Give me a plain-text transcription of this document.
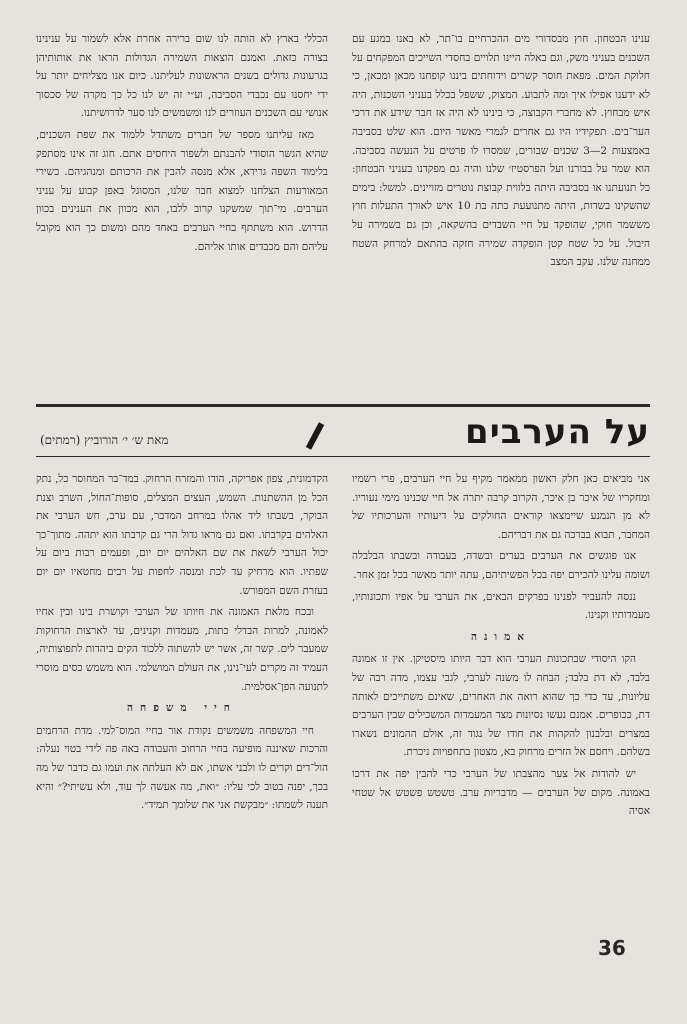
ענינו הבטחון. חוץ מבסדורי מים ההכרחיים בו־תר, לא באנו במגע עם השכנים בעניני משק, וגם באלה היינו תלויים בחסדי השייכים המפקחים על חלוקת המים. מפאת חוסר קשרים וידוחתים ביננו קופחנו מכאן ומכאן, כי לא ידענו אפילו איך ומה לתבוע. המצוק, ששפל בכלל בעניני השכנות, היה איש מבחוץ. לא מחברי הקבוצה, כי בינינו לא היה אז חבר שידע את דרכי הער־בים. תפקידיו היו גם אחרים לגמרי מאשר היום. הוא שלט בסביבה באמצעות 2—3 שכנים שבורים, שמסרו לו פרטים על הנעשה בסביבה. הוא שמר על בבורנו ועל הפרסטיז׳ שלנו והיה גם מפקדנו בעניני הבטחון: כל תנועתנו או בסביבה היתה בלווית קבוצת נוטרים מזויינים. למשל: בימים שהשקינו בשדות, היתה מתנועעת כתה בת 10 איש לאורך התעלות חוץ מששמר חוקי, שהופקד על חיי השבדים בהשקאה, וכן גם בשמירה על היבול. על כל שטח קטן הופקדה שמירה חזקה בהתאם למרחק השטח ממחנה שלנו. עקב המצב

הכללי בארץ לא הותה לנו שום ברירה אחרת אלא לשמור על ענינינו בצורה כזאת. ואמנם הוצאות השמירה הגדולות הראו את אותותיהן בגרעונות גדולים בשנים הראשונות לעליתנו. כיום אנו מצליחים יותר על ידי יחסנו עם נכבדי הסביבה, וע״י זה יש לנו כל כך מקרה של סכסוך אנושי עם השכנים העוזרים לנו ומשמשים לנו סער לדרושיתנו.

מאז עליתנו מספר של חברים משתדל ללמוד את שפת השכנים, שהיא הגשר הוסודי להבנתם ולשפור היחסים אתם. חוג זה אינו מסתפק בלימוד השפה גרידא, אלא מנסה להבין את הרכותם ומנהגיהם. כשירי המאורעות הצלחנו למצוא חבר שלנו, המסוגל באפן קבוע על עניני הערבים. מי־תוך שמשקנו קרוב ללבו, הוא מכוון את הענינים בכוון הדרוש. הוא משתתף בחיי הערבים באחד מהם ומשום כך הוא מקובל עליהם והם מכבדים אותו אליהם.

על הערבים
מאת ש׳ י׳ הורוביץ (רמתים)

אני מביאים כאן חלק ראשון ממאמר מקיף על חיי הערבים, פרי רשמיו ומחקריו של איכר בן איכר, הקרוב קרבה יתרה אל חיי שכנינו מימי נעוריו. לא מן הנמנע שיימצאו קוראים החולקים על דיעותיו והערכותיו של המחבר, תבוא בברכה גם את דבריהם.

אנו פוגשים את הערבים בערים ובשדה, בעבודה ובשבתו הבלבלה ושומה עלינו להכירם יפה בכל הפשיתיהם, עתה יותר מאשר בכל זמן אחר.

ננסה להעביר לפנינו בפרקים הבאים, את הערבי על אפיו ותכונותיו, מעמדותיו וקנינו.

אמונה

הקו היסודי שבתכונות הערבי הוא דבר היותו מיסטיקן. אין זו אמונה בלבד, לא דת בלבד; הבחה לו משנה לערבי, לגבי עצמו, מדה רבה של עליונות, עד כדי כך שהוא רואה את האחרים, שאינם משתייכים לאותה דת, ככופרים. אמנם נעשו נסיונות מצד המעמדות המשכילים שבין הערבים במצרים ובלבנון להקהות את חודו של נגוד זה, אולם ההמונים נשארו בשלהם. ויחסם אל הזרים מרחוק בא, מצטון בתחפויות ניכרת.

יש להודות אל צער מהצבתו של הערבי כדי להבין יפה את דרכו באמונה. מקום של הערבים — מדבריות ערב. טשטש פשטש אל שטחי אסיה

הקדמונית, צפון אפריקה, הודו והמזרח הרחוק. במד־בר המחוסר כל, נתק הכל מן ההשתנות. השמש, העצים המצלים, סופות־החול, השרב וצנת הבוקר, בשבתו ליד אהלו במרחב המדבר, עם ערב, חש הערבי את האלהים בקרבתו. ואם גם מראו גדול הרי גם קרבתו הוא יתהה. מתוך־כך יכול הערבי לשאת את שם האלהים יום יום, ופעמים רבות ביום על שפתיו. הוא מרחיק עד לכת ומנסה לחפות על רבים מחטאיו יום יום בעזרת השם המפורש.

ובכח מלאת האמונה את חיותו של הערבי וקושרת בינו ובין אחיו לאמונה, למרות הבדלי כתות, מעמדות וקנינים, עד לארצות הרחוקות שמעבר לים. קשר זה, אשר יש להשתוה ללכוד הקים ביהדות לתפוצותיה, העמיד זה מקרים לעי־נינו, את העולם המושלמי. הוא משמש כסים מוסרי לתנועה הפן־אסלמית.

חיי משפחה

חיי המשפחה משמשים נקודת אור בחיי המוס־למי. מדת הרחמים והרכות שאיננה מופיעה בחיי הרחוב והעבודה באה פה לידי בטוי נעלה: הול־דים וקרים לו ולבני אשתו, אם לא העלתה את ועמו גם כדבר של מה בכך, יפנה בטוב לכי עליו: ״ואת, מה אעשה לך עוד, ולא עשיתי?״ והיא תענה לשמתו: ״מבקשת אני את שלומך תמיד״.

36
